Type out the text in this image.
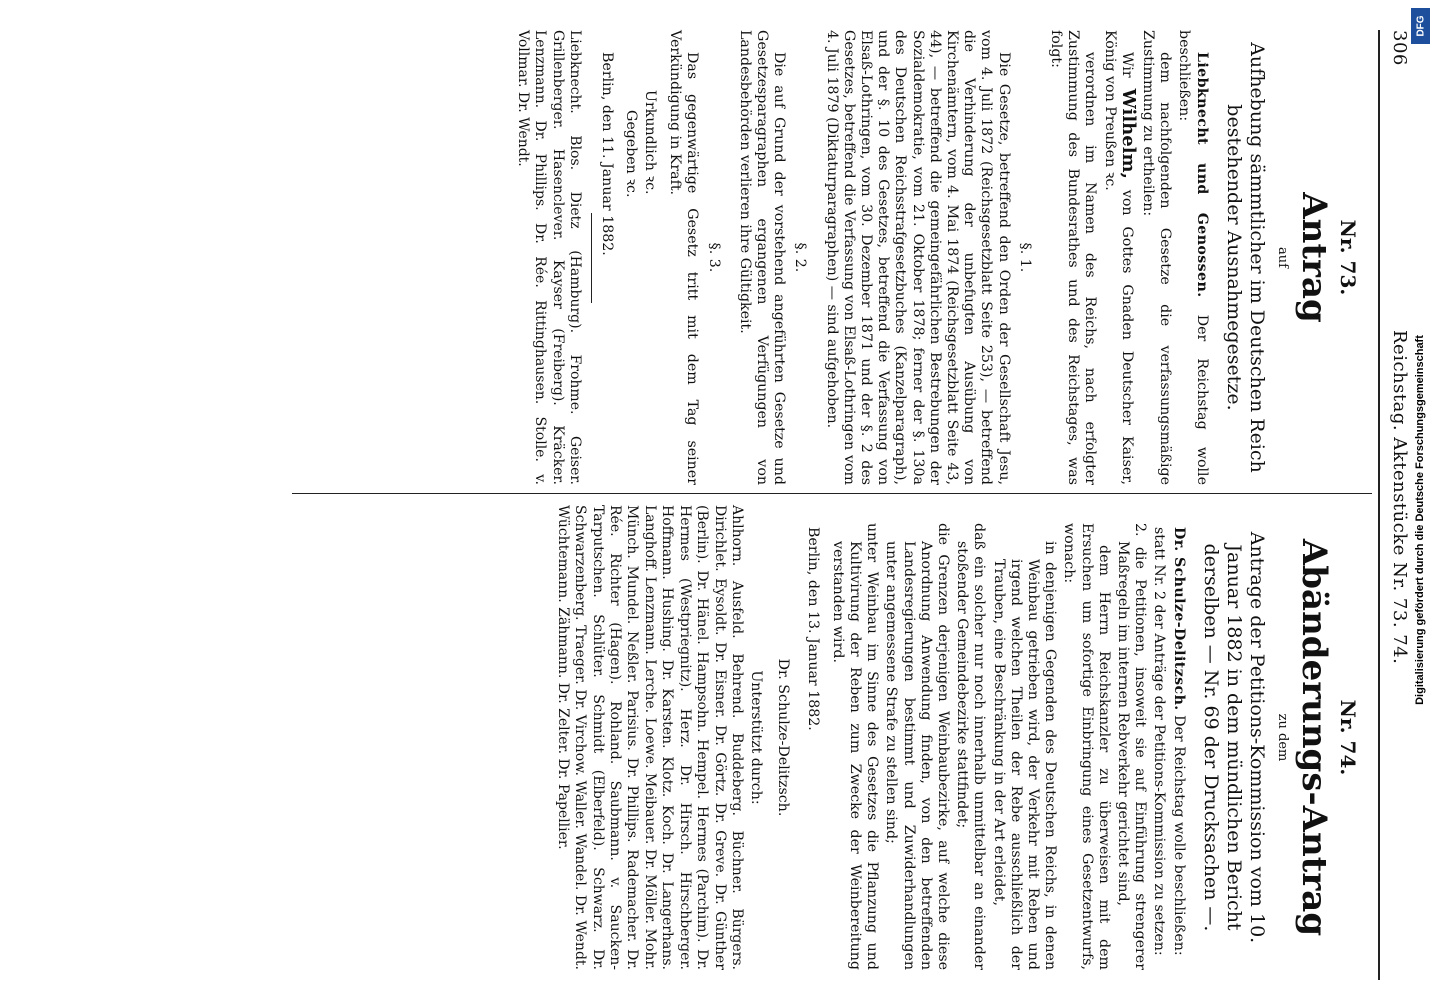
306
Reichstag. Aktenstücke Nr. 73. 74.
Nr. 73.
Antrag
auf
Aufhebung sämmtlicher im Deutschen Reich bestehender Ausnahmegesetze.

Liebknecht und Genossen. Der Reichstag wolle beschließen:

dem nachfolgenden Gesetze die verfassungsmäßige Zustimmung zu ertheilen:

Wir Wilhelm, von Gottes Gnaden Deutscher Kaiser, König von Preußen ꝛc.

verordnen im Namen des Reichs, nach erfolgter Zustimmung des Bundesrathes und des Reichstages, was folgt:

§. 1.

Die Gesetze, betreffend den Orden der Gesellschaft Jesu, vom 4. Juli 1872 (Reichsgesetzblatt Seite 253), — betreffend die Verhinderung der unbefugten Ausübung von Kirchenämtern, vom 4. Mai 1874 (Reichsgesetzblatt Seite 43, 44), — betreffend die gemeingefährlichen Bestrebungen der Sozialdemokratie, vom 21. Oktober 1878; ferner der §. 130a des Deutschen Reichsstrafgesetzbuches (Kanzelparagraph), und der §. 10 des Gesetzes, betreffend die Verfassung von Elsaß-Lothringen, vom 30. Dezember 1871 und der §. 2 des Gesetzes, betreffend die Verfassung von Elsaß-Lothringen vom 4. Juli 1879 (Diktaturparagraphen) — sind aufgehoben.

§. 2.

Die auf Grund der vorstehend angeführten Gesetze und Gesetzesparagraphen ergangenen Verfügungen von Landesbehörden verlieren ihre Gültigkeit.

§. 3.

Das gegenwärtige Gesetz tritt mit dem Tag seiner Verkündigung in Kraft.

Urkundlich ꝛc.

Gegeben ꝛc.

Berlin, den 11. Januar 1882.

Liebknecht. Blos. Dietz (Hamburg). Frohme. Geiser. Grillenberger. Hasenclever. Kayser (Freiberg). Kräcker. Lenzmann. Dr. Phillips. Dr. Rée. Rittinghausen. Stolle. v. Vollmar. Dr. Wendt.

Nr. 74.
Abänderungs-Antrag
zu dem
Antrage der Petitions-Kommission vom 10. Januar 1882 in dem mündlichen Bericht derselben — Nr. 69 der Drucksachen —.

Dr. Schulze-Delitzsch. Der Reichstag wolle beschließen:

statt Nr. 2 der Anträge der Petitions-Kommission zu setzen:

2. die Petitionen, insoweit sie auf Einführung strengerer Maßregeln im internen Rebverkehr gerichtet sind,

dem Herrn Reichskanzler zu überweisen mit dem Ersuchen um sofortige Einbringung eines Gesetzentwurfs, wonach:

in denjenigen Gegenden des Deutschen Reichs, in denen Weinbau getrieben wird, der Verkehr mit Reben und irgend welchen Theilen der Rebe ausschließlich der Trauben, eine Beschränkung in der Art erleidet,

daß ein solcher nur noch innerhalb unmittelbar an einander stoßender Gemeindebezirke stattfindet;

die Grenzen derjenigen Weinbaubezirke, auf welche diese Anordnung Anwendung finden, von den betreffenden Landesregierungen bestimmt und Zuwiderhandlungen unter angemessene Strafe zu stellen sind;

unter Weinbau im Sinne des Gesetzes die Pflanzung und Kultivirung der Reben zum Zwecke der Weinbereitung verstanden wird.

Berlin, den 13. Januar 1882.

Dr. Schulze-Delitzsch.

Unterstützt durch:

Ahlhorn. Ausfeld. Behrend. Buddeberg. Büchner. Bürgers. Dirichlet. Eysoldt. Dr. Eisner. Dr. Görtz. Dr. Greve. Dr. Günther (Berlin). Dr. Hänel. Hampsohn. Hempel. Hermes (Parchim). Dr. Hermes (Westpriegnitz). Herz. Dr. Hirsch. Hirschberger. Hoffmann. Hushing. Dr. Karsten. Klotz. Koch. Dr. Langerhans. Langhoff. Lenzmann. Lerche. Loewe. Meibauer. Dr. Möller. Mohr. Münch. Mundel. Neßler. Parisius. Dr. Phillips. Rademacher. Dr. Rée. Richter (Hagen). Rohland. Saubmann. v. Saucken-Tarputschen. Schlüter. Schmidt (Elberfeld). Schwarz. Dr. Schwarzenberg. Traeger. Dr. Virchow. Waller. Wandel. Dr. Wendt. Wüchtemann. Zähmann. Dr. Zelter. Dr. Papellier.

DFG
Digitalisierung gefördert durch die Deutsche Forschungsgemeinschaft
